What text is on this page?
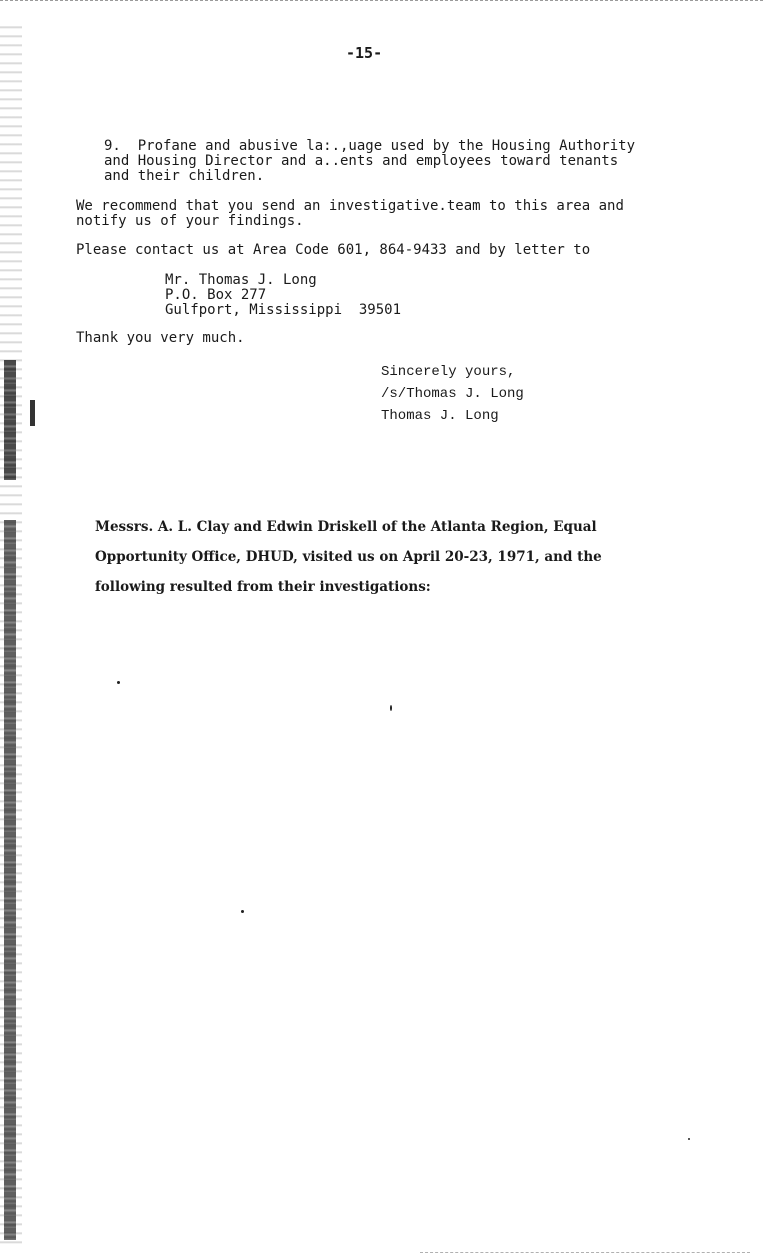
-15-
9.  Profane and abusive la:.,uage used by the Housing Authority
and Housing Director and a..ents and employees toward tenants
and their children.
We recommend that you send an investigative.team to this area and
notify us of your findings.
Please contact us at Area Code 601, 864-9433 and by letter to
Mr. Thomas J. Long
P.O. Box 277
Gulfport, Mississippi  39501
Thank you very much.
Sincerely yours,
/s/Thomas J. Long
Thomas J. Long
Messrs. A. L. Clay and Edwin Driskell of the Atlanta Region, Equal
Opportunity Office, DHUD, visited us on April 20-23, 1971, and the
following resulted from their investigations:
